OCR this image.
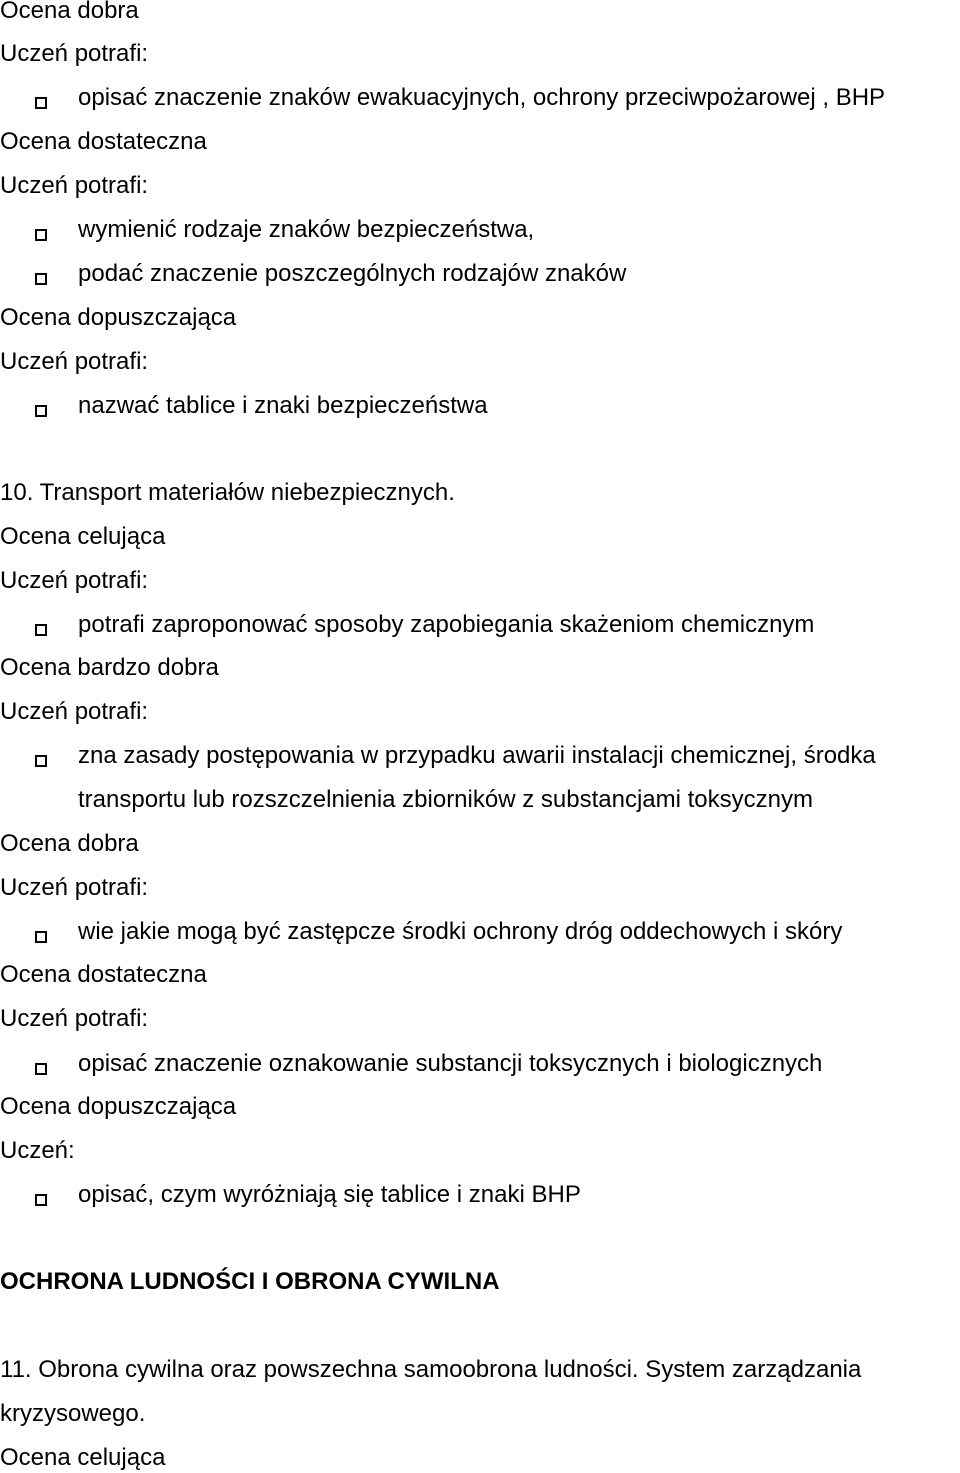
Ocena dobra
Uczeń potrafi:
opisać znaczenie znaków ewakuacyjnych, ochrony przeciwpożarowej , BHP
Ocena dostateczna
Uczeń potrafi:
wymienić rodzaje znaków bezpieczeństwa,
podać znaczenie poszczególnych rodzajów znaków
Ocena dopuszczająca
Uczeń potrafi:
nazwać tablice i znaki bezpieczeństwa
10. Transport materiałów niebezpiecznych.
Ocena celująca
Uczeń potrafi:
potrafi zaproponować sposoby zapobiegania skażeniom chemicznym
Ocena bardzo dobra
Uczeń potrafi:
zna zasady postępowania w przypadku awarii instalacji chemicznej, środka
transportu lub rozszczelnienia zbiorników z substancjami toksycznym
Ocena dobra
Uczeń potrafi:
wie jakie mogą być zastępcze środki ochrony dróg oddechowych i skóry
Ocena dostateczna
Uczeń potrafi:
opisać znaczenie oznakowanie substancji toksycznych i biologicznych
Ocena dopuszczająca
Uczeń:
opisać, czym wyróżniają się tablice i znaki BHP
OCHRONA LUDNOŚCI I OBRONA CYWILNA
11. Obrona cywilna oraz powszechna samoobrona ludności. System zarządzania
kryzysowego.
Ocena celująca
